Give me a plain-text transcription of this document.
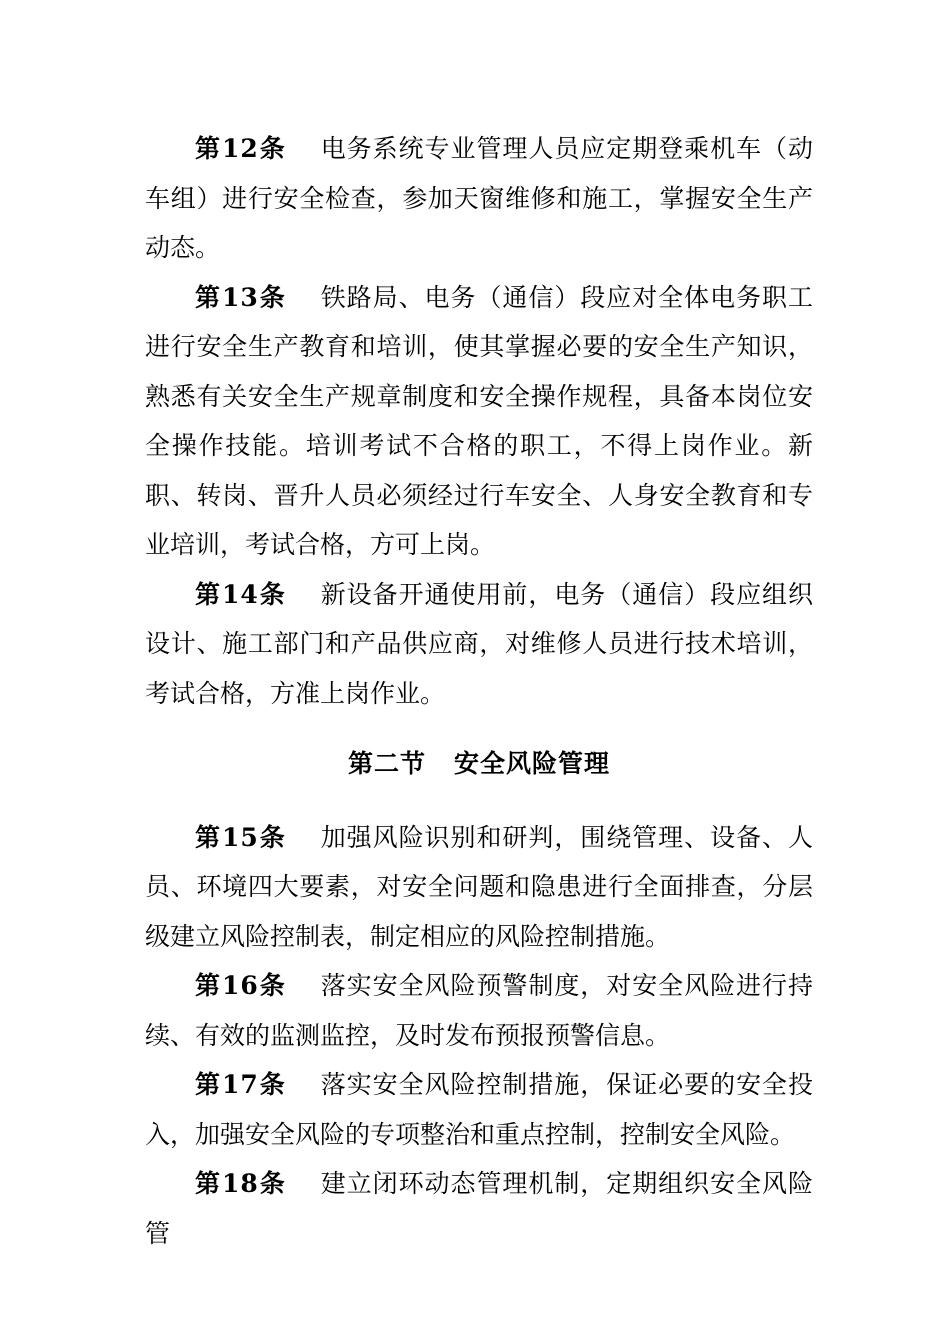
第12条 电务系统专业管理人员应定期登乘机车（动车组）进行安全检查，参加天窗维修和施工，掌握安全生产动态。

第13条 铁路局、电务（通信）段应对全体电务职工进行安全生产教育和培训，使其掌握必要的安全生产知识，熟悉有关安全生产规章制度和安全操作规程，具备本岗位安全操作技能。培训考试不合格的职工，不得上岗作业。新职、转岗、晋升人员必须经过行车安全、人身安全教育和专业培训，考试合格，方可上岗。

第14条 新设备开通使用前，电务（通信）段应组织设计、施工部门和产品供应商，对维修人员进行技术培训，考试合格，方准上岗作业。

第二节 安全风险管理

第15条 加强风险识别和研判，围绕管理、设备、人员、环境四大要素，对安全问题和隐患进行全面排查，分层级建立风险控制表，制定相应的风险控制措施。

第16条 落实安全风险预警制度，对安全风险进行持续、有效的监测监控，及时发布预报预警信息。

第17条 落实安全风险控制措施，保证必要的安全投入，加强安全风险的专项整治和重点控制，控制安全风险。

第18条 建立闭环动态管理机制，定期组织安全风险管
